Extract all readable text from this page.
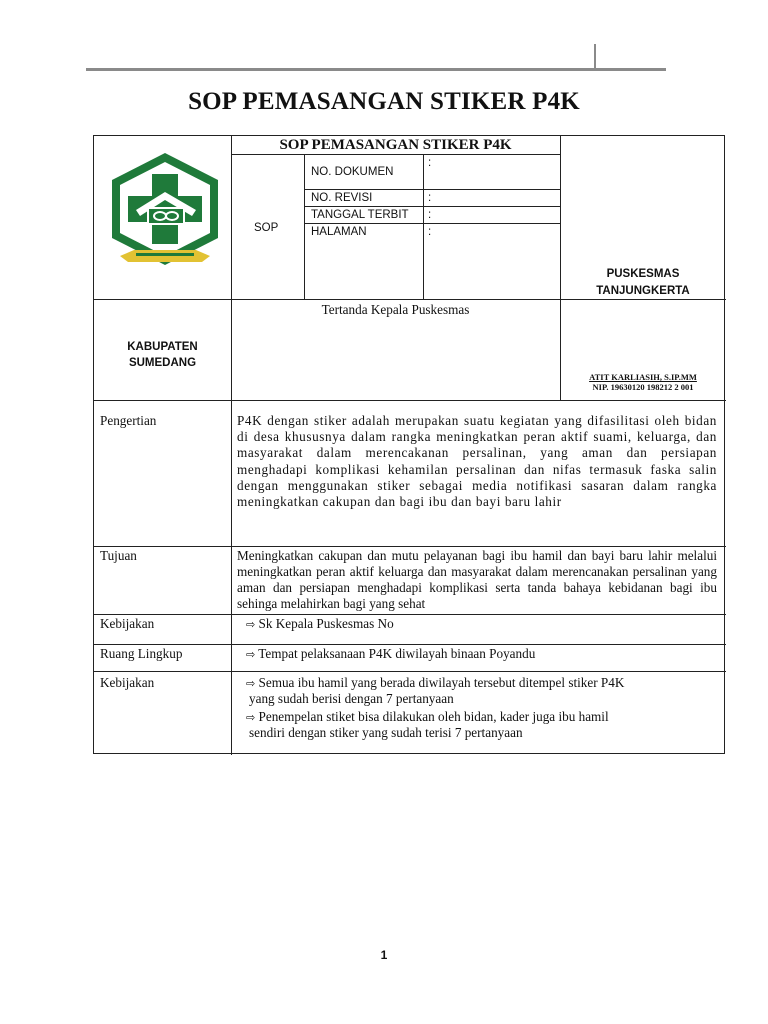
SOP PEMASANGAN STIKER P4K
SOP PEMASANGAN STIKER P4K
SOP
NO. DOKUMEN
:
NO. REVISI	:
TANGGAL TERBIT :
HALAMAN	:
PUSKESMAS
TANJUNGKERTA
KABUPATEN
SUMEDANG
Tertanda Kepala Puskesmas
ATIT KARLIASIH, S.IP.MM
NIP. 19630120 198212 2 001
Pengertian	P4K dengan stiker adalah merupakan suatu kegiatan yang difasilitasi oleh bidan di desa khususnya dalam rangka meningkatkan peran aktif suami, keluarga, dan masyarakat dalam merencakanan persalinan, yang aman dan persiapan menghadapi komplikasi kehamilan persalinan dan nifas termasuk faska salin dengan menggunakan stiker sebagai media notifikasi sasaran dalam rangka meningkatkan cakupan dan bagi ibu dan bayi baru lahir
Tujuan	Meningkatkan cakupan dan mutu pelayanan bagi ibu hamil dan bayi baru lahir melalui meningkatkan peran aktif keluarga dan masyarakat dalam merencanakan persalinan yang aman dan persiapan menghadapi komplikasi serta tanda bahaya kebidanan bagi ibu sehinga melahirkan bagi yang sehat
Kebijakan	⇨ Sk Kepala Puskesmas No
Ruang Lingkup	⇨ Tempat pelaksanaan P4K diwilayah binaan Poyandu
Kebijakan	⇨ Semua ibu hamil yang berada diwilayah tersebut ditempel stiker P4K
yang sudah berisi dengan 7 pertanyaan
⇨ Penempelan stiket bisa dilakukan oleh bidan, kader juga ibu hamil
sendiri dengan stiker yang sudah terisi 7 pertanyaan
1
